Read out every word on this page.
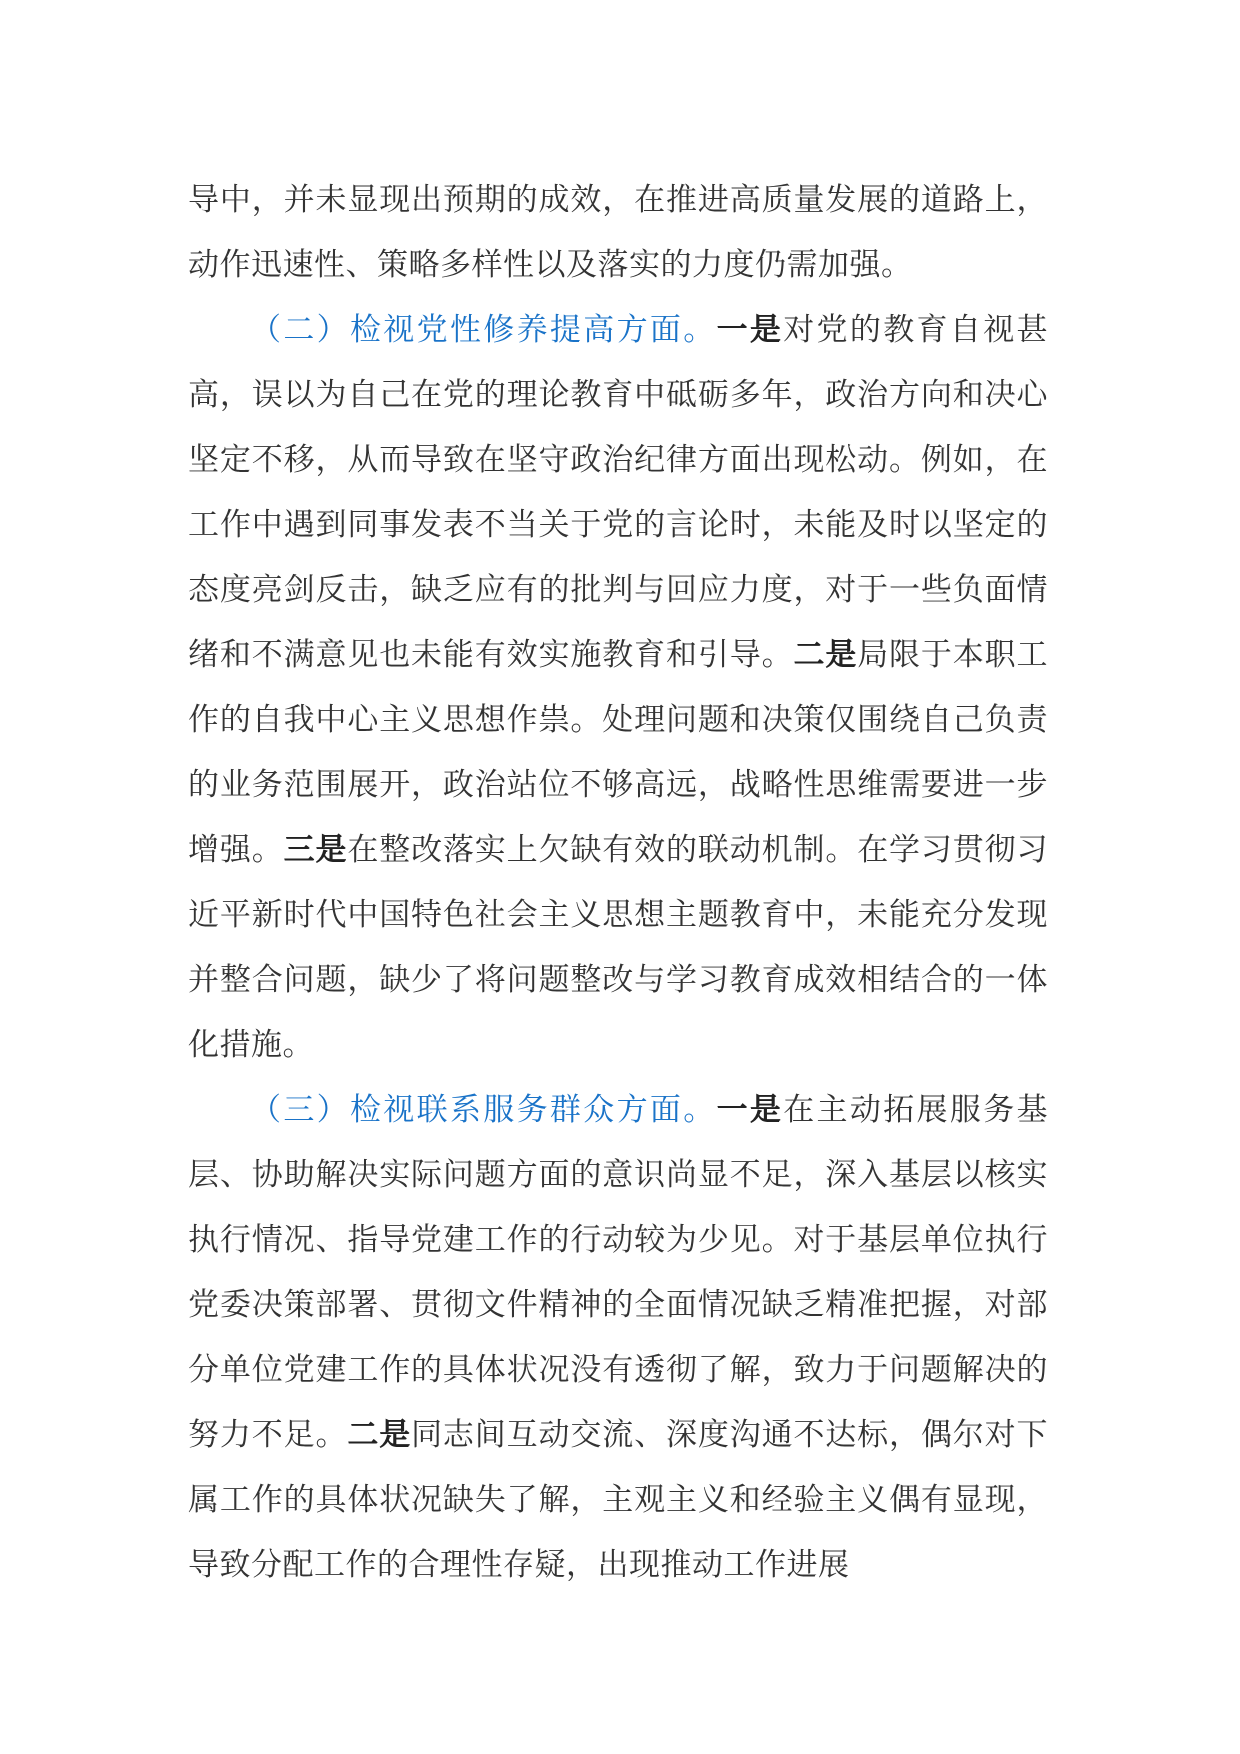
导中，并未显现出预期的成效，在推进高质量发展的道路上，动作迅速性、策略多样性以及落实的力度仍需加强。

（二）检视党性修养提高方面。一是对党的教育自视甚高，误以为自己在党的理论教育中砥砺多年，政治方向和决心坚定不移，从而导致在坚守政治纪律方面出现松动。例如，在工作中遇到同事发表不当关于党的言论时，未能及时以坚定的态度亮剑反击，缺乏应有的批判与回应力度，对于一些负面情绪和不满意见也未能有效实施教育和引导。二是局限于本职工作的自我中心主义思想作祟。处理问题和决策仅围绕自己负责的业务范围展开，政治站位不够高远，战略性思维需要进一步增强。三是在整改落实上欠缺有效的联动机制。在学习贯彻习近平新时代中国特色社会主义思想主题教育中，未能充分发现并整合问题，缺少了将问题整改与学习教育成效相结合的一体化措施。

（三）检视联系服务群众方面。一是在主动拓展服务基层、协助解决实际问题方面的意识尚显不足，深入基层以核实执行情况、指导党建工作的行动较为少见。对于基层单位执行党委决策部署、贯彻文件精神的全面情况缺乏精准把握，对部分单位党建工作的具体状况没有透彻了解，致力于问题解决的努力不足。二是同志间互动交流、深度沟通不达标，偶尔对下属工作的具体状况缺失了解，主观主义和经验主义偶有显现，导致分配工作的合理性存疑，出现推动工作进展
